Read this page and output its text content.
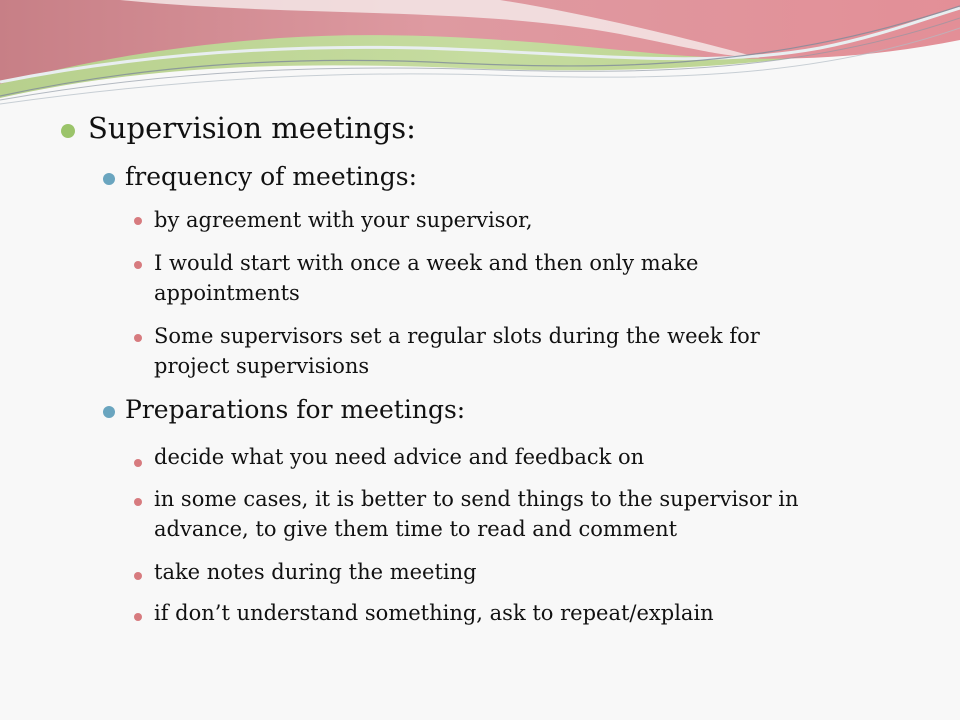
Supervision meetings:
frequency of meetings:
by agreement with your supervisor,
I would start with once a week and then only make
appointments
Some supervisors set a regular slots during the week for
project supervisions
Preparations for meetings:
decide what you need advice and feedback on
in some cases, it is better to send things to the supervisor in
advance, to give them time to read and comment
take notes during the meeting
if don’t understand something, ask to repeat/explain
